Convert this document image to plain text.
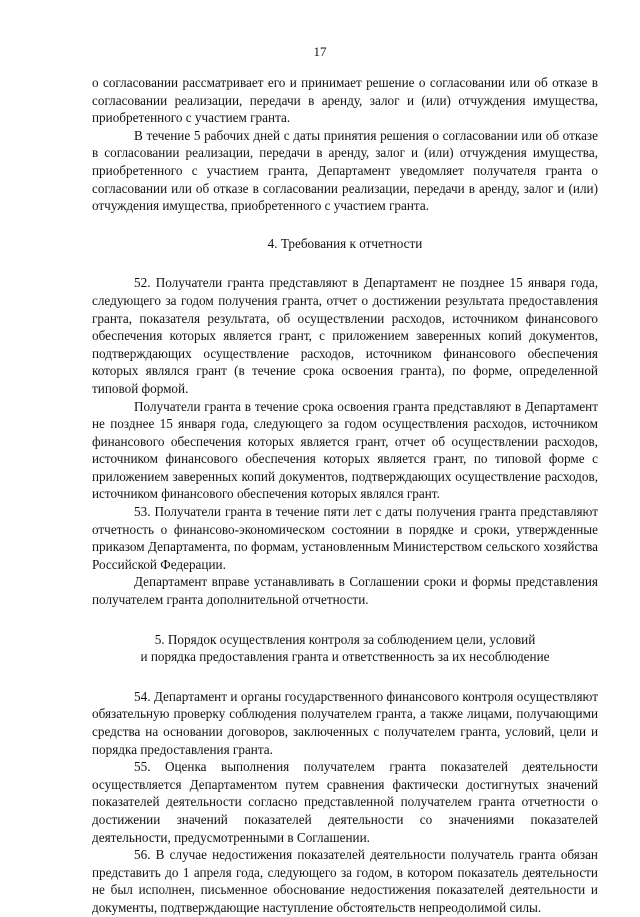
17

о согласовании рассматривает его и принимает решение о согласовании или об отказе в согласовании реализации, передачи в аренду, залог и (или) отчуждения имущества, приобретенного с участием гранта.

В течение 5 рабочих дней с даты принятия решения о согласовании или об отказе в согласовании реализации, передачи в аренду, залог и (или) отчуждения имущества, приобретенного с участием гранта, Департамент уведомляет получателя гранта о согласовании или об отказе в согласовании реализации, передачи в аренду, залог и (или) отчуждения имущества, приобретенного с участием гранта.

4. Требования к отчетности

52. Получатели гранта представляют в Департамент не позднее 15 января года, следующего за годом получения гранта, отчет о достижении результата предоставления гранта, показателя результата, об осуществлении расходов, источником финансового обеспечения которых является грант, с приложением заверенных копий документов, подтверждающих осуществление расходов, источником финансового обеспечения которых являлся грант (в течение срока освоения гранта), по форме, определенной типовой формой.

Получатели гранта в течение срока освоения гранта представляют в Департамент не позднее 15 января года, следующего за годом осуществления расходов, источником финансового обеспечения которых является грант, отчет об осуществлении расходов, источником финансового обеспечения которых является грант, по типовой форме с приложением заверенных копий документов, подтверждающих осуществление расходов, источником финансового обеспечения которых являлся грант.

53. Получатели гранта в течение пяти лет с даты получения гранта представляют отчетность о финансово-экономическом состоянии в порядке и сроки, утвержденные приказом Департамента, по формам, установленным Министерством сельского хозяйства Российской Федерации.

Департамент вправе устанавливать в Соглашении сроки и формы представления получателем гранта дополнительной отчетности.

5. Порядок осуществления контроля за соблюдением цели, условий
и порядка предоставления гранта и ответственность за их несоблюдение

54. Департамент и органы государственного финансового контроля осуществляют обязательную проверку соблюдения получателем гранта, а также лицами, получающими средства на основании договоров, заключенных с получателем гранта, условий, цели и порядка предоставления гранта.

55. Оценка выполнения получателем гранта показателей деятельности осуществляется Департаментом путем сравнения фактически достигнутых значений показателей деятельности согласно представленной получателем гранта отчетности о достижении значений показателей деятельности со значениями показателей деятельности, предусмотренными в Соглашении.

56. В случае недостижения показателей деятельности получатель гранта обязан представить до 1 апреля года, следующего за годом, в котором показатель деятельности не был исполнен, письменное обоснование недостижения показателей деятельности и документы, подтверждающие наступление обстоятельств непреодолимой силы.
